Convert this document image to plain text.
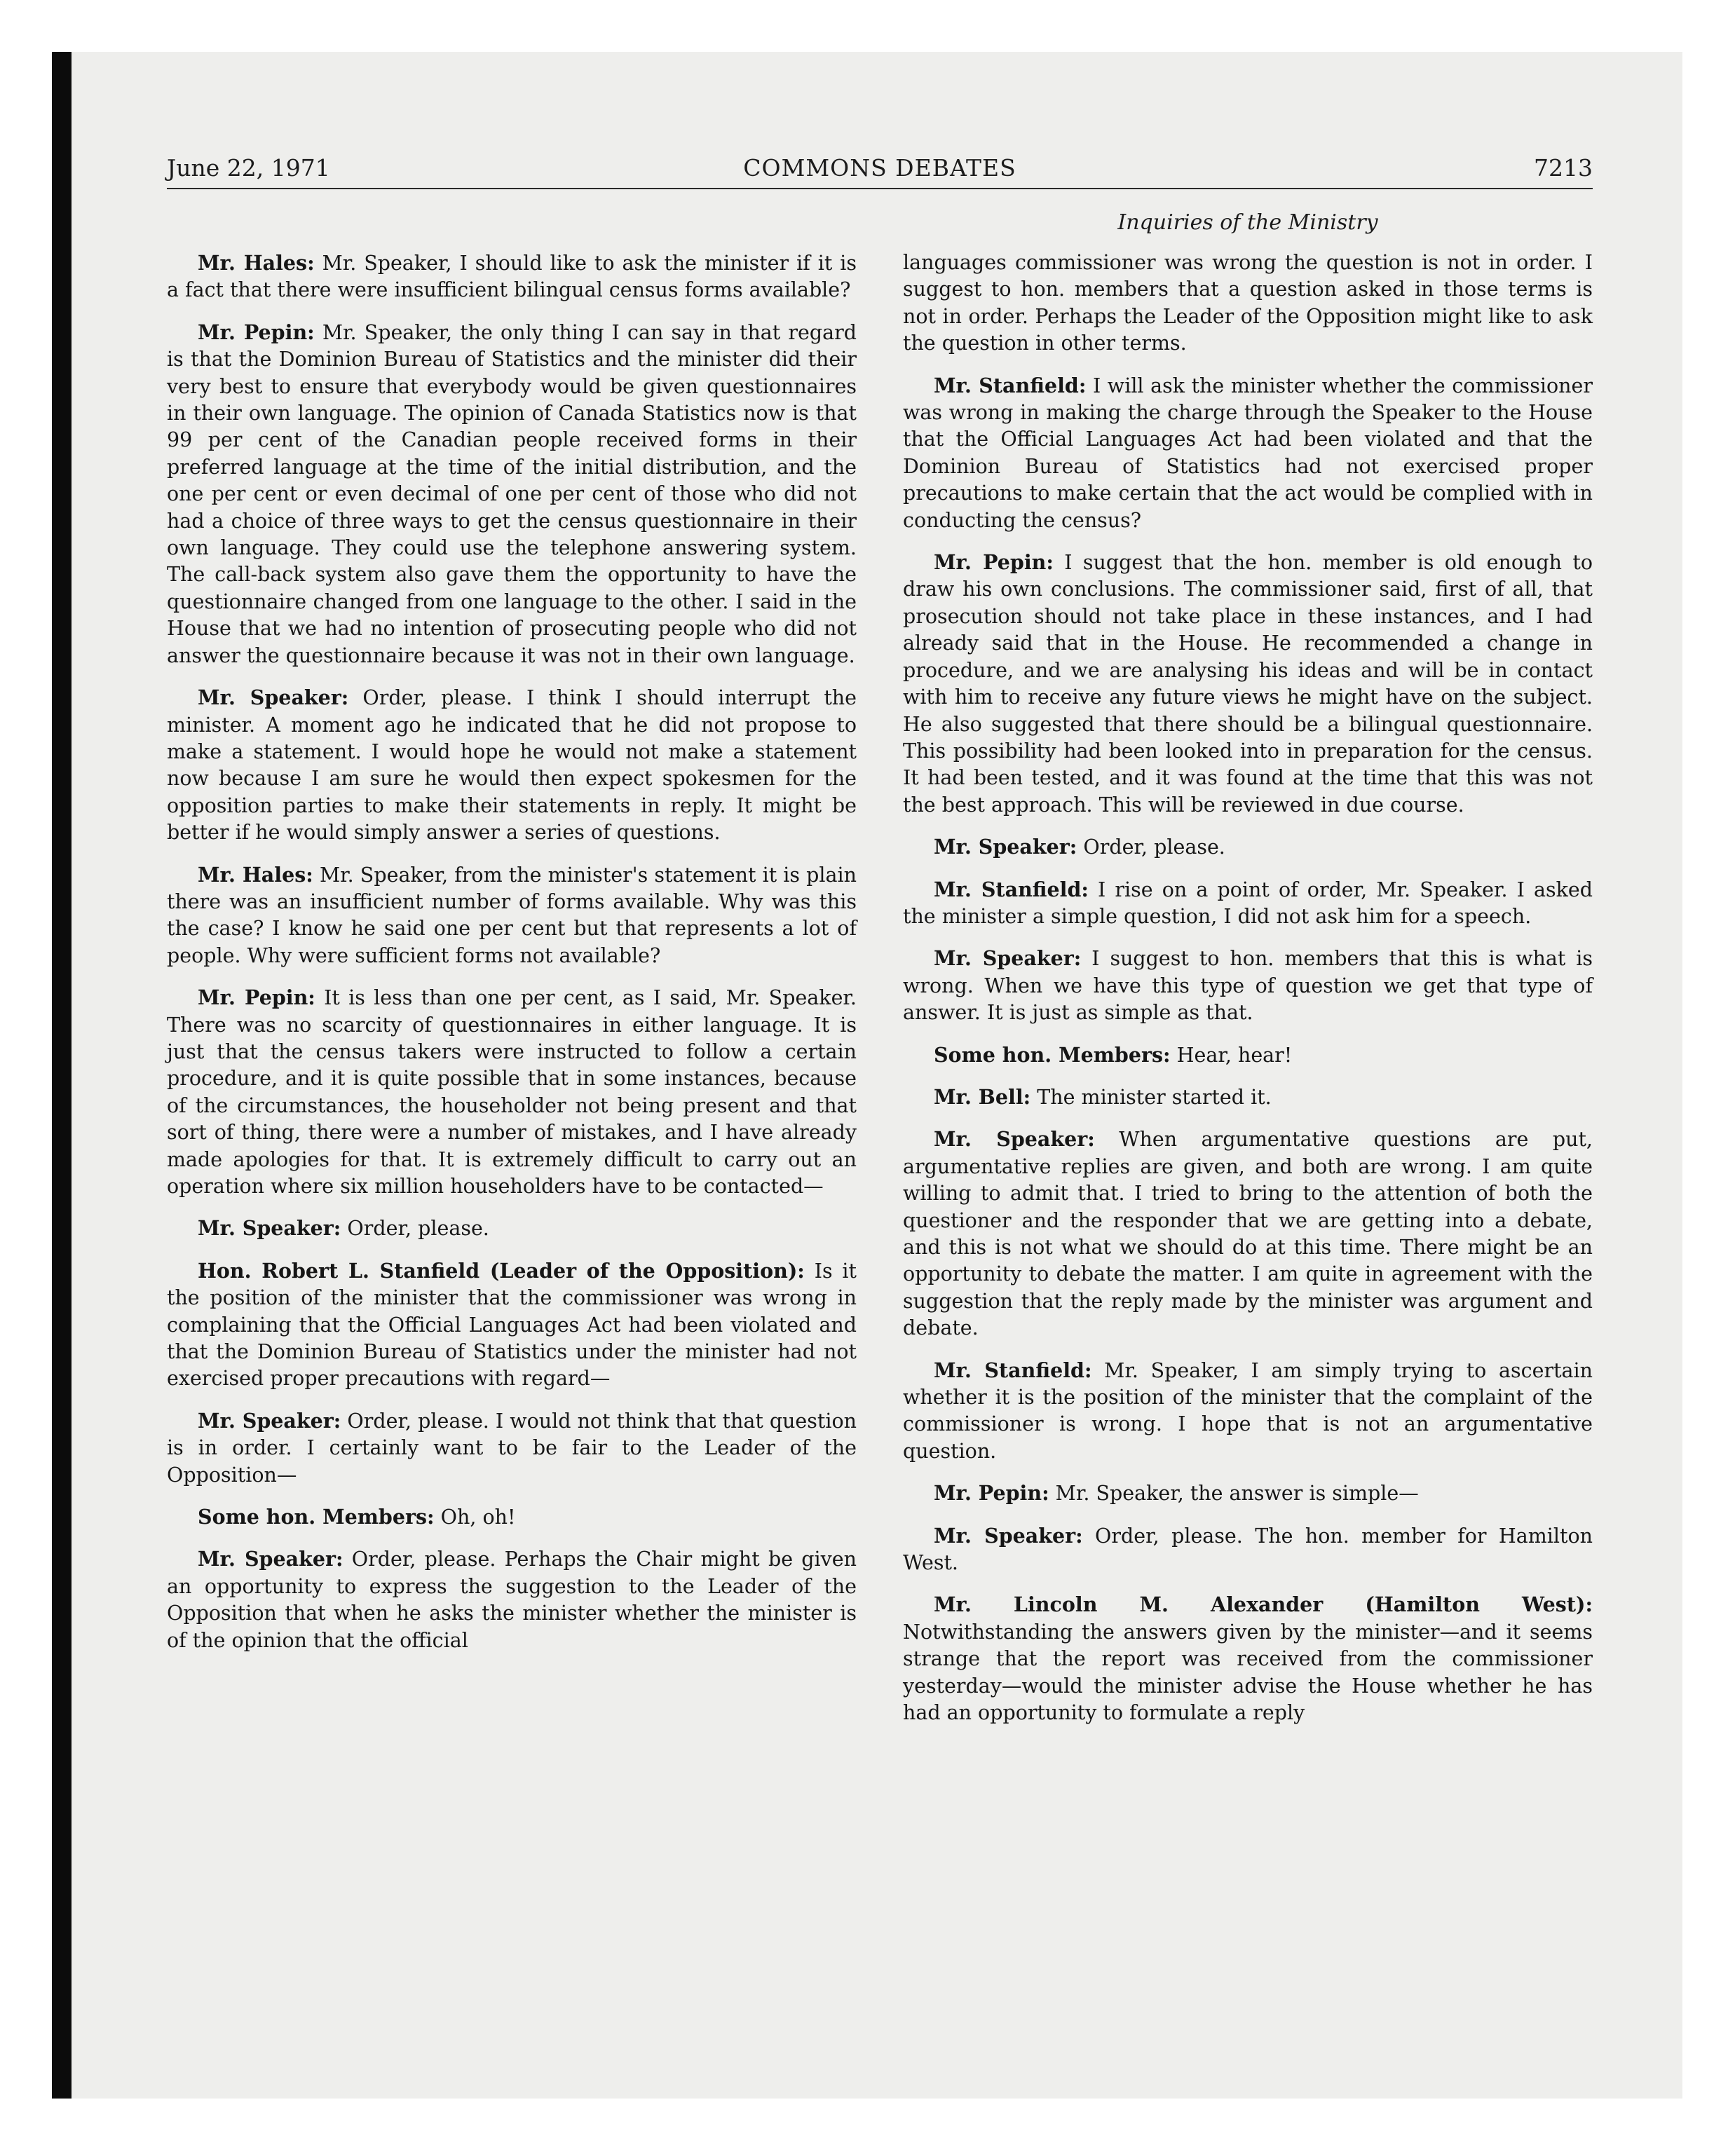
June 22, 1971	COMMONS DEBATES	7213
Inquiries of the Ministry

Mr. Hales: Mr. Speaker, I should like to ask the minister if it is a fact that there were insufficient bilingual census forms available?

Mr. Pepin: Mr. Speaker, the only thing I can say in that regard is that the Dominion Bureau of Statistics and the minister did their very best to ensure that everybody would be given questionnaires in their own language. The opinion of Canada Statistics now is that 99 per cent of the Canadian people received forms in their preferred language at the time of the initial distribution, and the one per cent or even decimal of one per cent of those who did not had a choice of three ways to get the census questionnaire in their own language. They could use the telephone answering system. The call-back system also gave them the opportunity to have the questionnaire changed from one language to the other. I said in the House that we had no intention of prosecuting people who did not answer the questionnaire because it was not in their own language.

Mr. Speaker: Order, please. I think I should interrupt the minister. A moment ago he indicated that he did not propose to make a statement. I would hope he would not make a statement now because I am sure he would then expect spokesmen for the opposition parties to make their statements in reply. It might be better if he would simply answer a series of questions.

Mr. Hales: Mr. Speaker, from the minister's statement it is plain there was an insufficient number of forms available. Why was this the case? I know he said one per cent but that represents a lot of people. Why were sufficient forms not available?

Mr. Pepin: It is less than one per cent, as I said, Mr. Speaker. There was no scarcity of questionnaires in either language. It is just that the census takers were instructed to follow a certain procedure, and it is quite possible that in some instances, because of the circumstances, the householder not being present and that sort of thing, there were a number of mistakes, and I have already made apologies for that. It is extremely difficult to carry out an operation where six million householders have to be contacted—

Mr. Speaker: Order, please.

Hon. Robert L. Stanfield (Leader of the Opposition): Is it the position of the minister that the commissioner was wrong in complaining that the Official Languages Act had been violated and that the Dominion Bureau of Statistics under the minister had not exercised proper precautions with regard—

Mr. Speaker: Order, please. I would not think that that question is in order. I certainly want to be fair to the Leader of the Opposition—

Some hon. Members: Oh, oh!

Mr. Speaker: Order, please. Perhaps the Chair might be given an opportunity to express the suggestion to the Leader of the Opposition that when he asks the minister whether the minister is of the opinion that the official

languages commissioner was wrong the question is not in order. I suggest to hon. members that a question asked in those terms is not in order. Perhaps the Leader of the Opposition might like to ask the question in other terms.

Mr. Stanfield: I will ask the minister whether the commissioner was wrong in making the charge through the Speaker to the House that the Official Languages Act had been violated and that the Dominion Bureau of Statistics had not exercised proper precautions to make certain that the act would be complied with in conducting the census?

Mr. Pepin: I suggest that the hon. member is old enough to draw his own conclusions. The commissioner said, first of all, that prosecution should not take place in these instances, and I had already said that in the House. He recommended a change in procedure, and we are analysing his ideas and will be in contact with him to receive any future views he might have on the subject. He also suggested that there should be a bilingual questionnaire. This possibility had been looked into in preparation for the census. It had been tested, and it was found at the time that this was not the best approach. This will be reviewed in due course.

Mr. Speaker: Order, please.

Mr. Stanfield: I rise on a point of order, Mr. Speaker. I asked the minister a simple question, I did not ask him for a speech.

Mr. Speaker: I suggest to hon. members that this is what is wrong. When we have this type of question we get that type of answer. It is just as simple as that.

Some hon. Members: Hear, hear!

Mr. Bell: The minister started it.

Mr. Speaker: When argumentative questions are put, argumentative replies are given, and both are wrong. I am quite willing to admit that. I tried to bring to the attention of both the questioner and the responder that we are getting into a debate, and this is not what we should do at this time. There might be an opportunity to debate the matter. I am quite in agreement with the suggestion that the reply made by the minister was argument and debate.

Mr. Stanfield: Mr. Speaker, I am simply trying to ascertain whether it is the position of the minister that the complaint of the commissioner is wrong. I hope that is not an argumentative question.

Mr. Pepin: Mr. Speaker, the answer is simple—

Mr. Speaker: Order, please. The hon. member for Hamilton West.

Mr. Lincoln M. Alexander (Hamilton West): Notwithstanding the answers given by the minister—and it seems strange that the report was received from the commissioner yesterday—would the minister advise the House whether he has had an opportunity to formulate a reply
